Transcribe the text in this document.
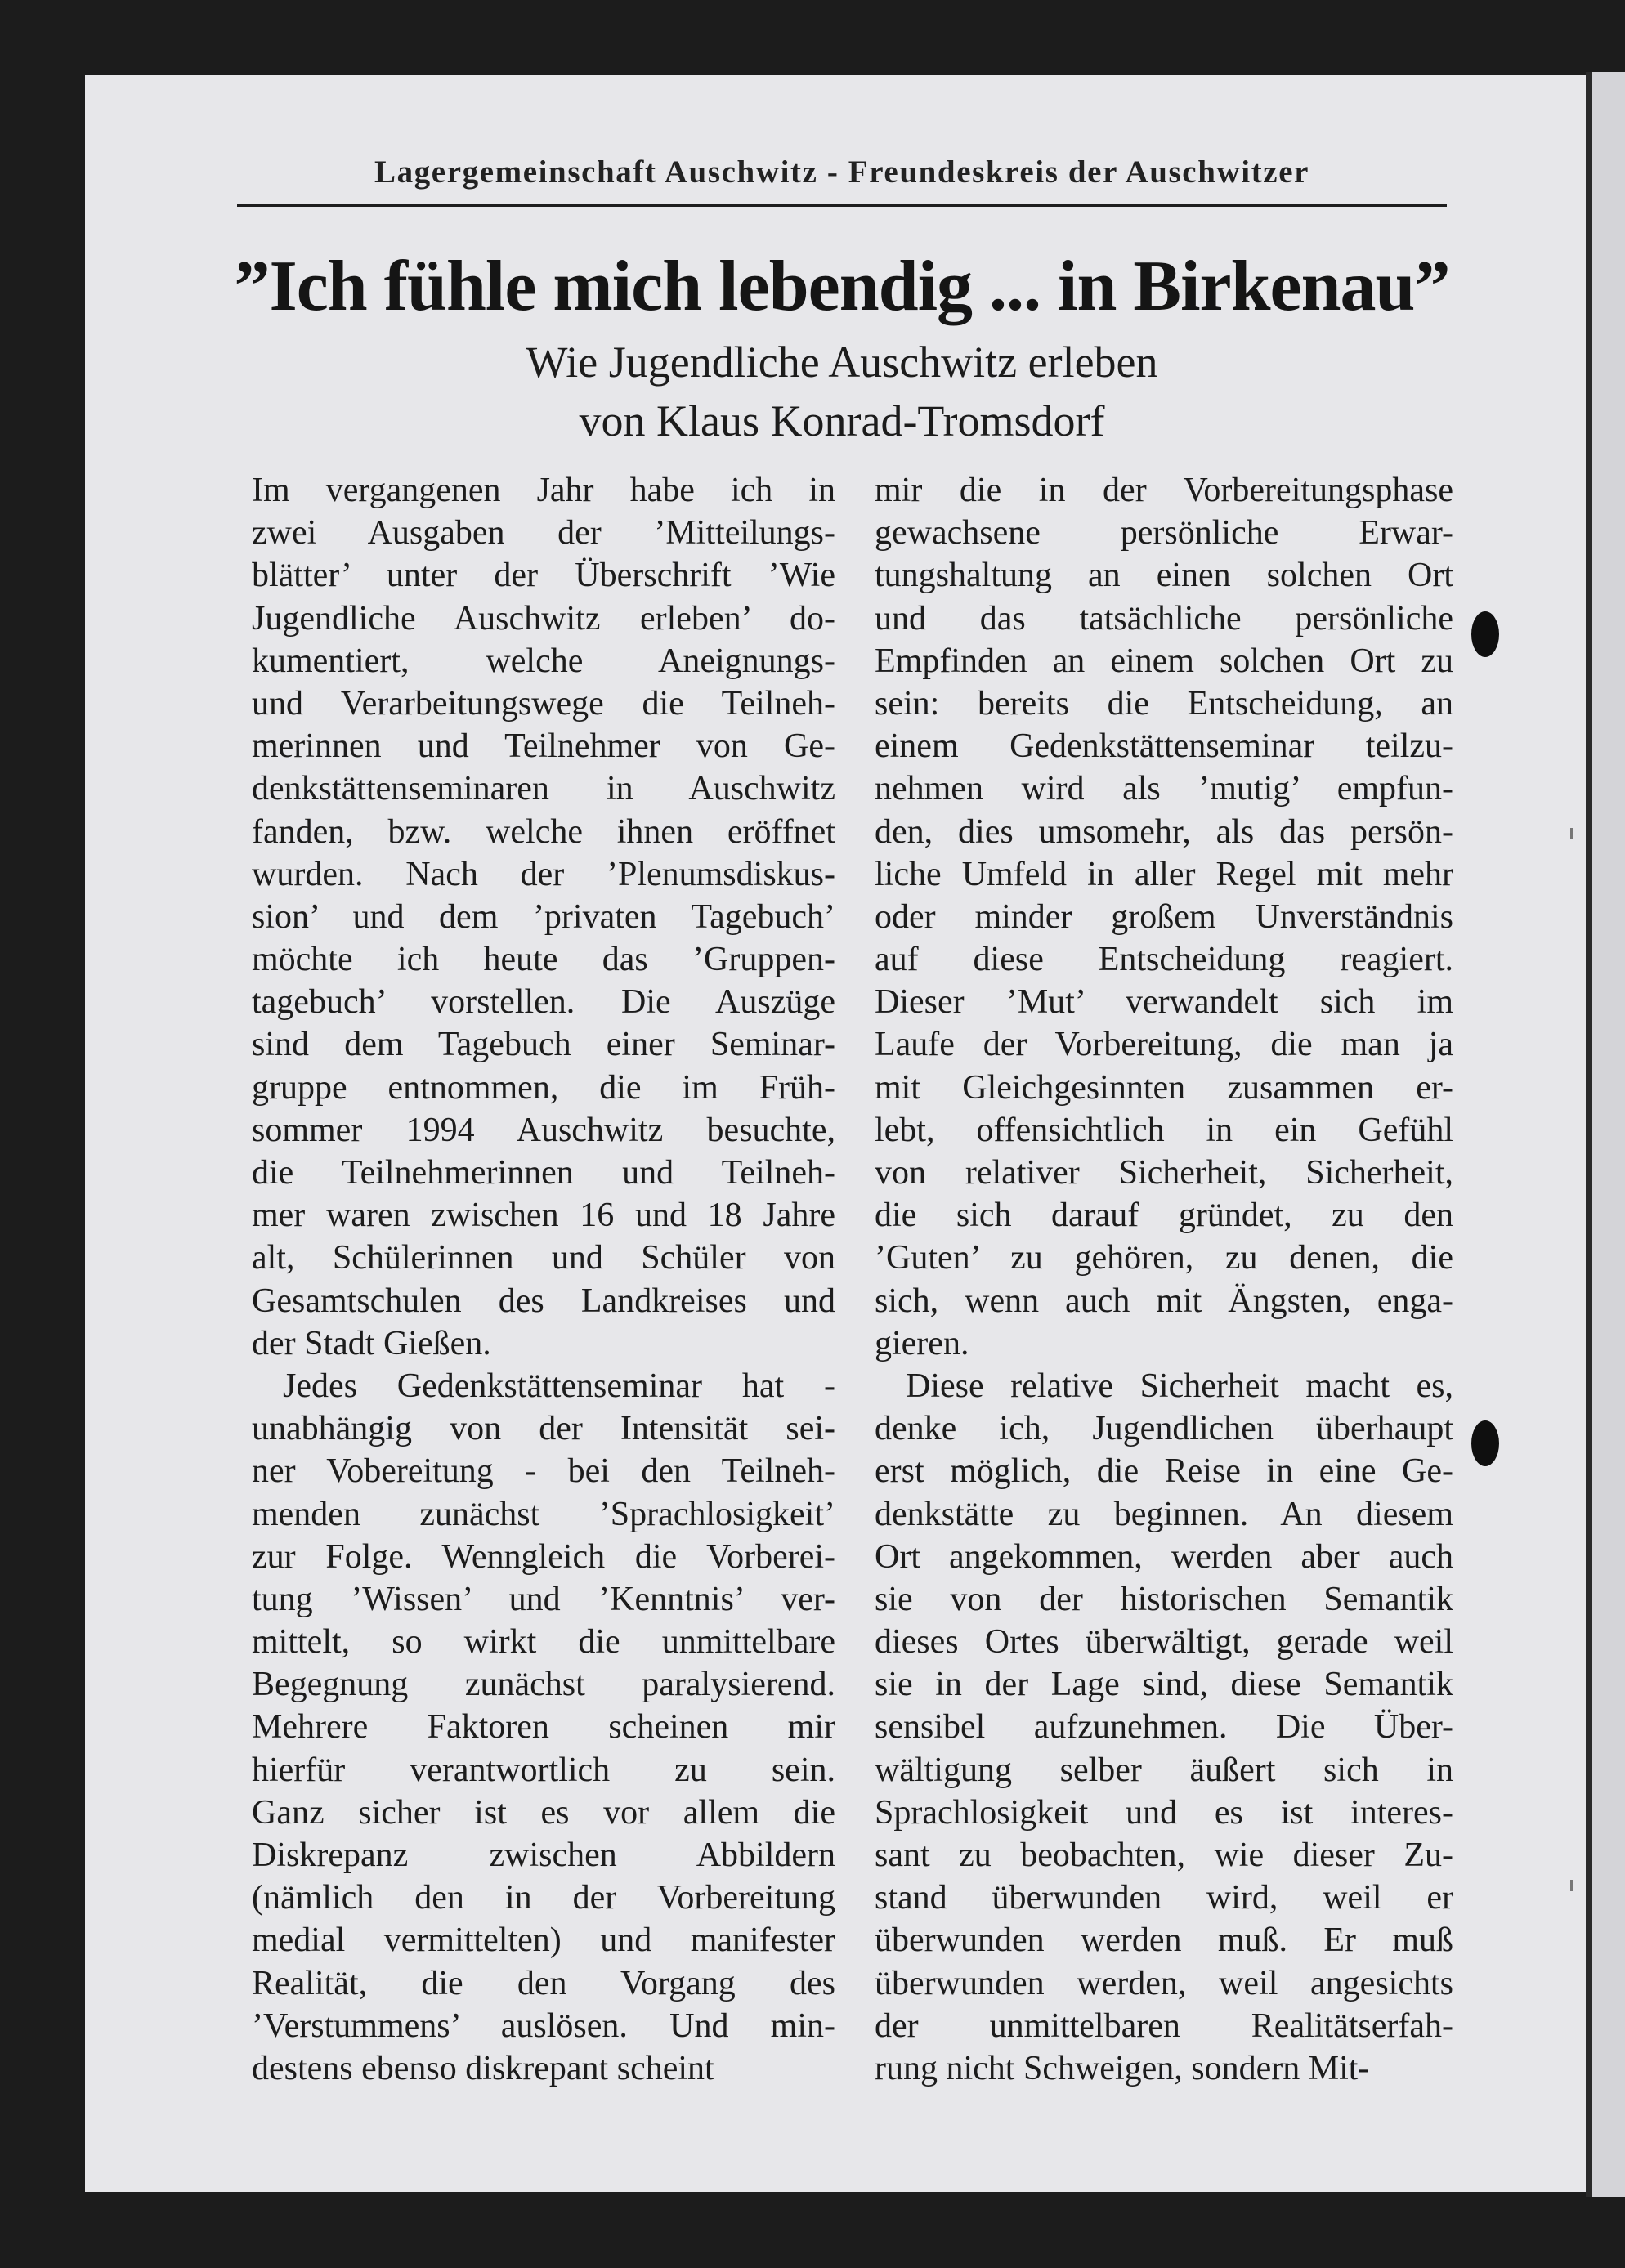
Lagergemeinschaft Auschwitz - Freundeskreis der Auschwitzer
”Ich fühle mich lebendig ... in Birkenau”
Wie Jugendliche Auschwitz erleben
von Klaus Konrad-Tromsdorf
Im vergangenen Jahr habe ich in
zwei Ausgaben der ’Mitteilungs-
blätter’ unter der Überschrift ’Wie
Jugendliche Auschwitz erleben’ do-
kumentiert, welche Aneignungs-
und Verarbeitungswege die Teilneh-
merinnen und Teilnehmer von Ge-
denkstättenseminaren in Auschwitz
fanden, bzw. welche ihnen eröffnet
wurden. Nach der ’Plenumsdiskus-
sion’ und dem ’privaten Tagebuch’
möchte ich heute das ’Gruppen-
tagebuch’ vorstellen. Die Auszüge
sind dem Tagebuch einer Seminar-
gruppe entnommen, die im Früh-
sommer 1994 Auschwitz besuchte,
die Teilnehmerinnen und Teilneh-
mer waren zwischen 16 und 18 Jahre
alt, Schülerinnen und Schüler von
Gesamtschulen des Landkreises und
der Stadt Gießen.
Jedes Gedenkstättenseminar hat -
unabhängig von der Intensität sei-
ner Vobereitung - bei den Teilneh-
menden zunächst ’Sprachlosigkeit’
zur Folge. Wenngleich die Vorberei-
tung ’Wissen’ und ’Kenntnis’ ver-
mittelt, so wirkt die unmittelbare
Begegnung zunächst paralysierend.
Mehrere Faktoren scheinen mir
hierfür verantwortlich zu sein.
Ganz sicher ist es vor allem die
Diskrepanz zwischen Abbildern
(nämlich den in der Vorbereitung
medial vermittelten) und manifester
Realität, die den Vorgang des
’Verstummens’ auslösen. Und min-
destens ebenso diskrepant scheint
mir die in der Vorbereitungsphase
gewachsene persönliche Erwar-
tungshaltung an einen solchen Ort
und das tatsächliche persönliche
Empfinden an einem solchen Ort zu
sein: bereits die Entscheidung, an
einem Gedenkstättenseminar teilzu-
nehmen wird als ’mutig’ empfun-
den, dies umsomehr, als das persön-
liche Umfeld in aller Regel mit mehr
oder minder großem Unverständnis
auf diese Entscheidung reagiert.
Dieser ’Mut’ verwandelt sich im
Laufe der Vorbereitung, die man ja
mit Gleichgesinnten zusammen er-
lebt, offensichtlich in ein Gefühl
von relativer Sicherheit, Sicherheit,
die sich darauf gründet, zu den
’Guten’ zu gehören, zu denen, die
sich, wenn auch mit Ängsten, enga-
gieren.
Diese relative Sicherheit macht es,
denke ich, Jugendlichen überhaupt
erst möglich, die Reise in eine Ge-
denkstätte zu beginnen. An diesem
Ort angekommen, werden aber auch
sie von der historischen Semantik
dieses Ortes überwältigt, gerade weil
sie in der Lage sind, diese Semantik
sensibel aufzunehmen. Die Über-
wältigung selber äußert sich in
Sprachlosigkeit und es ist interes-
sant zu beobachten, wie dieser Zu-
stand überwunden wird, weil er
überwunden werden muß. Er muß
überwunden werden, weil angesichts
der unmittelbaren Realitätserfah-
rung nicht Schweigen, sondern Mit-
